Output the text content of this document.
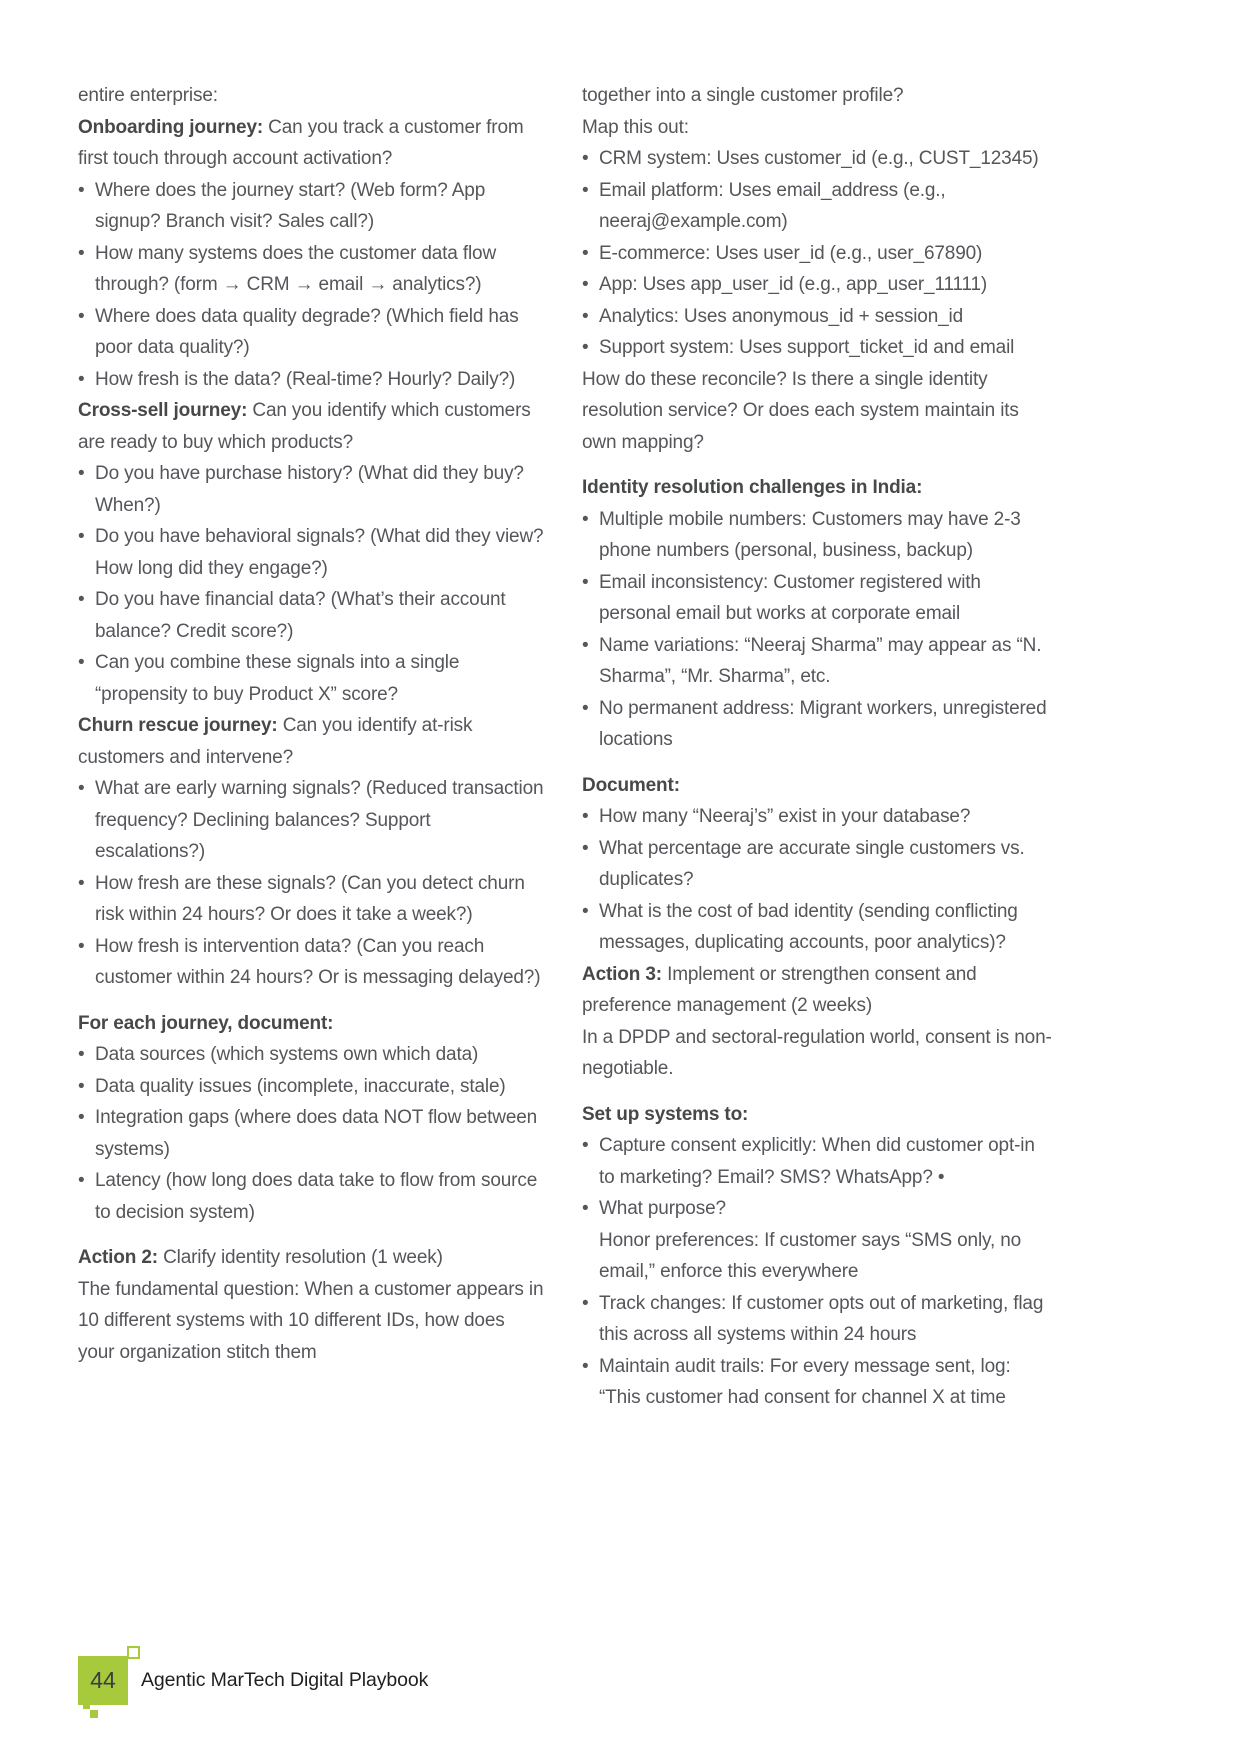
entire enterprise:

Onboarding journey: Can you track a customer from first touch through account activation?

• Where does the journey start? (Web form? App signup? Branch visit? Sales call?)
• How many systems does the customer data flow through? (form → CRM → email → analytics?)
• Where does data quality degrade? (Which field has poor data quality?)
• How fresh is the data? (Real-time? Hourly? Daily?)

Cross-sell journey: Can you identify which customers are ready to buy which products?

• Do you have purchase history? (What did they buy? When?)
• Do you have behavioral signals? (What did they view? How long did they engage?)
• Do you have financial data? (What’s their account balance? Credit score?)
• Can you combine these signals into a single “propensity to buy Product X” score?

Churn rescue journey: Can you identify at-risk customers and intervene?

• What are early warning signals? (Reduced transaction frequency? Declining balances? Support escalations?)
• How fresh are these signals? (Can you detect churn risk within 24 hours? Or does it take a week?)
• How fresh is intervention data? (Can you reach customer within 24 hours? Or is messaging delayed?)

For each journey, document:

• Data sources (which systems own which data)
• Data quality issues (incomplete, inaccurate, stale)
• Integration gaps (where does data NOT flow between systems)
• Latency (how long does data take to flow from source to decision system)

Action 2: Clarify identity resolution (1 week)

The fundamental question: When a customer appears in 10 different systems with 10 different IDs, how does your organization stitch them

together into a single customer profile?

Map this out:

• CRM system: Uses customer_id (e.g., CUST_12345)
• Email platform: Uses email_address (e.g., neeraj@example.com)
• E-commerce: Uses user_id (e.g., user_67890)
• App: Uses app_user_id (e.g., app_user_11111)
• Analytics: Uses anonymous_id + session_id
• Support system: Uses support_ticket_id and email

How do these reconcile? Is there a single identity resolution service? Or does each system maintain its own mapping?

Identity resolution challenges in India:

• Multiple mobile numbers: Customers may have 2-3 phone numbers (personal, business, backup)
• Email inconsistency: Customer registered with personal email but works at corporate email
• Name variations: “Neeraj Sharma” may appear as “N. Sharma”, “Mr. Sharma”, etc.
• No permanent address: Migrant workers, unregistered locations

Document:

• How many “Neeraj’s” exist in your database?
• What percentage are accurate single customers vs. duplicates?
• What is the cost of bad identity (sending conflicting messages, duplicating accounts, poor analytics)?

Action 3: Implement or strengthen consent and preference management (2 weeks)

In a DPDP and sectoral-regulation world, consent is non-negotiable.

Set up systems to:

• Capture consent explicitly: When did customer opt-in to marketing? Email? SMS? WhatsApp? •
• What purpose?
Honor preferences: If customer says “SMS only, no email,” enforce this everywhere
• Track changes: If customer opts out of marketing, flag this across all systems within 24 hours
• Maintain audit trails: For every message sent, log: “This customer had consent for channel X at time
44	Agentic MarTech Digital Playbook
